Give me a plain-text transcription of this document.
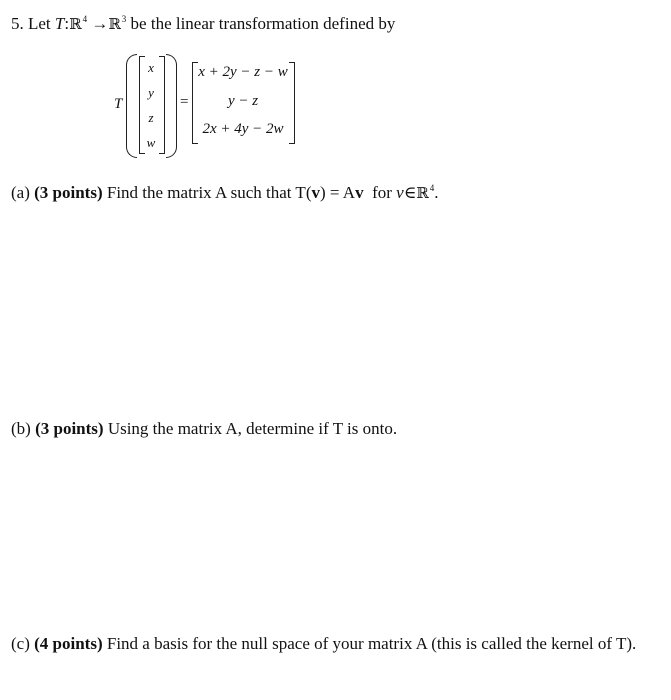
5. Let T:ℝ$^4$ →ℝ$^3$ be the linear transformation defined by
T
x
y
z
w
=
x + 2y − z − w
y − z
2x + 4y − 2w
(a) (3 points) Find the matrix A such that T(v) = Av for v∈ℝ$^4$.
(b) (3 points) Using the matrix A, determine if T is onto.
(c) (4 points) Find a basis for the null space of your matrix A (this is called the kernel of T).
